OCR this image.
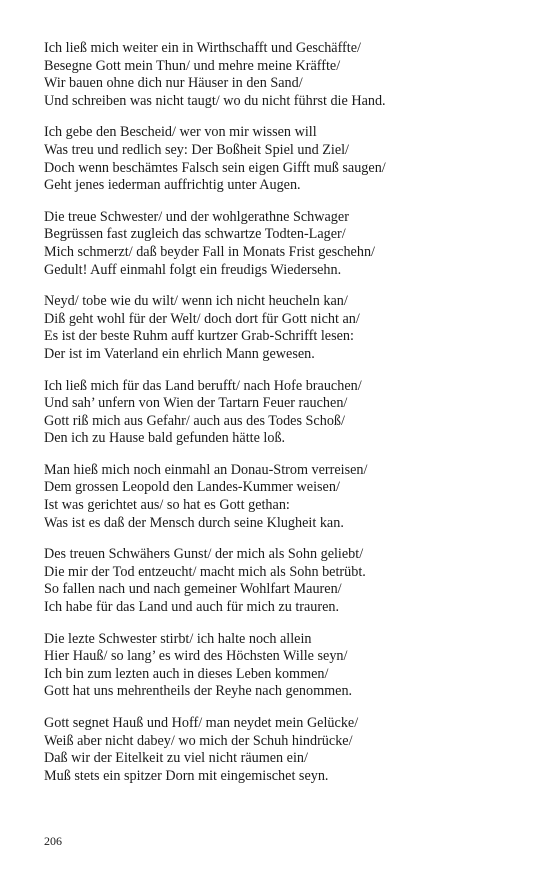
Ich ließ mich weiter ein in Wirthschafft und Geschäffte/
Besegne Gott mein Thun/ und mehre meine Kräffte/
Wir bauen ohne dich nur Häuser in den Sand/
Und schreiben was nicht taugt/ wo du nicht führst die Hand.
Ich gebe den Bescheid/ wer von mir wissen will
Was treu und redlich sey: Der Boßheit Spiel und Ziel/
Doch wenn beschämtes Falsch sein eigen Gifft muß saugen/
Geht jenes iederman auffrichtig unter Augen.
Die treue Schwester/ und der wohlgerathne Schwager
Begrüssen fast zugleich das schwartze Todten-Lager/
Mich schmerzt/ daß beyder Fall in Monats Frist geschehn/
Gedult! Auff einmahl folgt ein freudigs Wiedersehn.
Neyd/ tobe wie du wilt/ wenn ich nicht heucheln kan/
Diß geht wohl für der Welt/ doch dort für Gott nicht an/
Es ist der beste Ruhm auff kurtzer Grab-Schrifft lesen:
Der ist im Vaterland ein ehrlich Mann gewesen.
Ich ließ mich für das Land berufft/ nach Hofe brauchen/
Und sah’ unfern von Wien der Tartarn Feuer rauchen/
Gott riß mich aus Gefahr/ auch aus des Todes Schoß/
Den ich zu Hause bald gefunden hätte loß.
Man hieß mich noch einmahl an Donau-Strom verreisen/
Dem grossen Leopold den Landes-Kummer weisen/
Ist was gerichtet aus/ so hat es Gott gethan:
Was ist es daß der Mensch durch seine Klugheit kan.
Des treuen Schwähers Gunst/ der mich als Sohn geliebt/
Die mir der Tod entzeucht/ macht mich als Sohn betrübt.
So fallen nach und nach gemeiner Wohlfart Mauren/
Ich habe für das Land und auch für mich zu trauren.
Die lezte Schwester stirbt/ ich halte noch allein
Hier Hauß/ so lang’ es wird des Höchsten Wille seyn/
Ich bin zum lezten auch in dieses Leben kommen/
Gott hat uns mehrentheils der Reyhe nach genommen.
Gott segnet Hauß und Hoff/ man neydet mein Gelücke/
Weiß aber nicht dabey/ wo mich der Schuh hindrücke/
Daß wir der Eitelkeit zu viel nicht räumen ein/
Muß stets ein spitzer Dorn mit eingemischet seyn.
206
